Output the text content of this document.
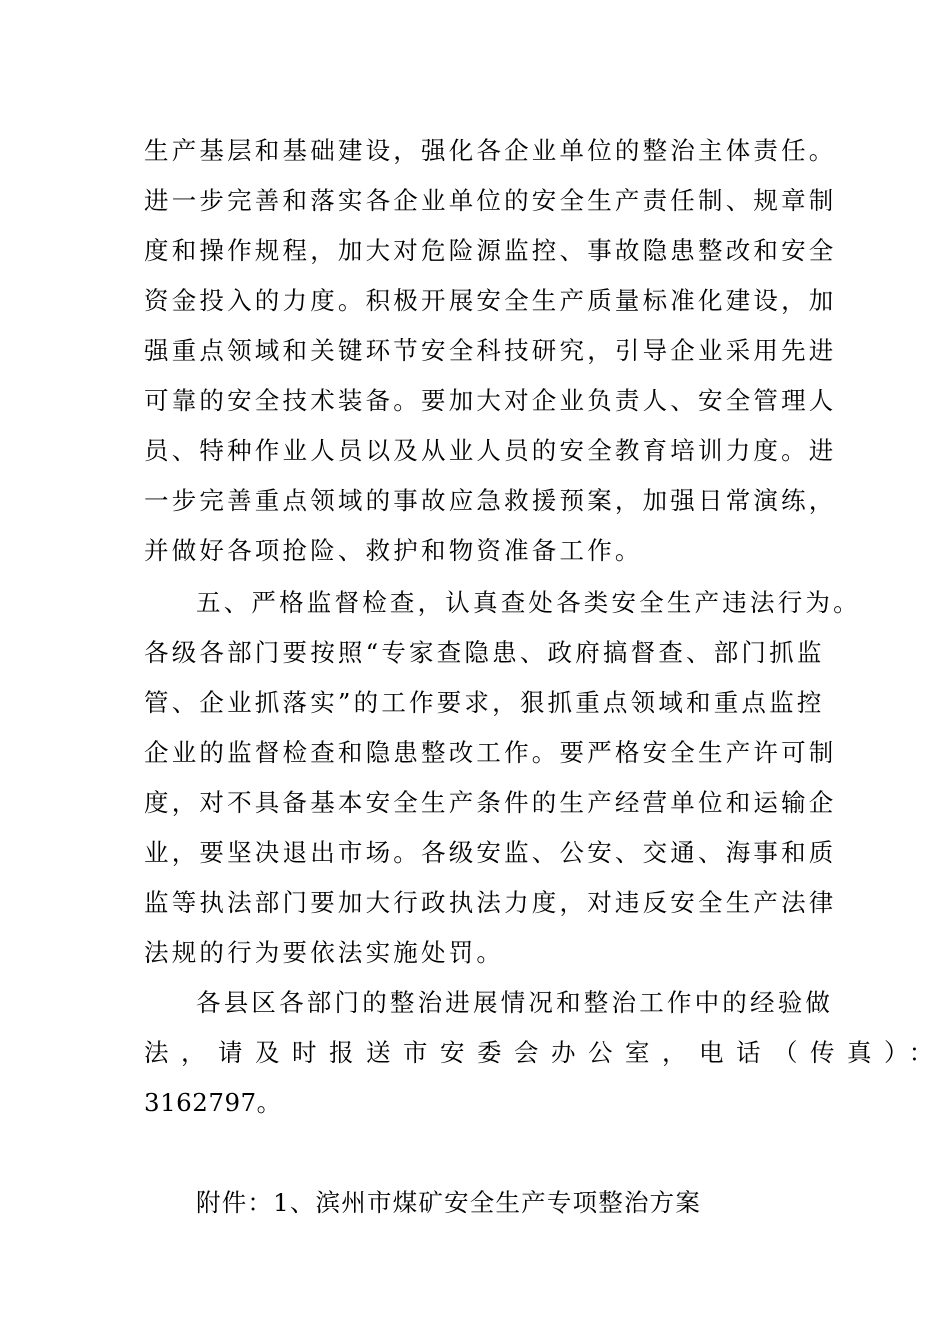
生产基层和基础建设，强化各企业单位的整治主体责任。
进一步完善和落实各企业单位的安全生产责任制、规章制
度和操作规程，加大对危险源监控、事故隐患整改和安全
资金投入的力度。积极开展安全生产质量标准化建设，加
强重点领域和关键环节安全科技研究，引导企业采用先进
可靠的安全技术装备。要加大对企业负责人、安全管理人
员、特种作业人员以及从业人员的安全教育培训力度。进
一步完善重点领域的事故应急救援预案，加强日常演练，
并做好各项抢险、救护和物资准备工作。
五、严格监督检查，认真查处各类安全生产违法行为。
各级各部门要按照“专家查隐患、政府搞督查、部门抓监
管、企业抓落实”的工作要求，狠抓重点领域和重点监控
企业的监督检查和隐患整改工作。要严格安全生产许可制
度，对不具备基本安全生产条件的生产经营单位和运输企
业，要坚决退出市场。各级安监、公安、交通、海事和质
监等执法部门要加大行政执法力度，对违反安全生产法律
法规的行为要依法实施处罚。
各县区各部门的整治进展情况和整治工作中的经验做
法，请及时报送市安委会办公室，电话（传真）：
3162797。
附件：1、滨州市煤矿安全生产专项整治方案
